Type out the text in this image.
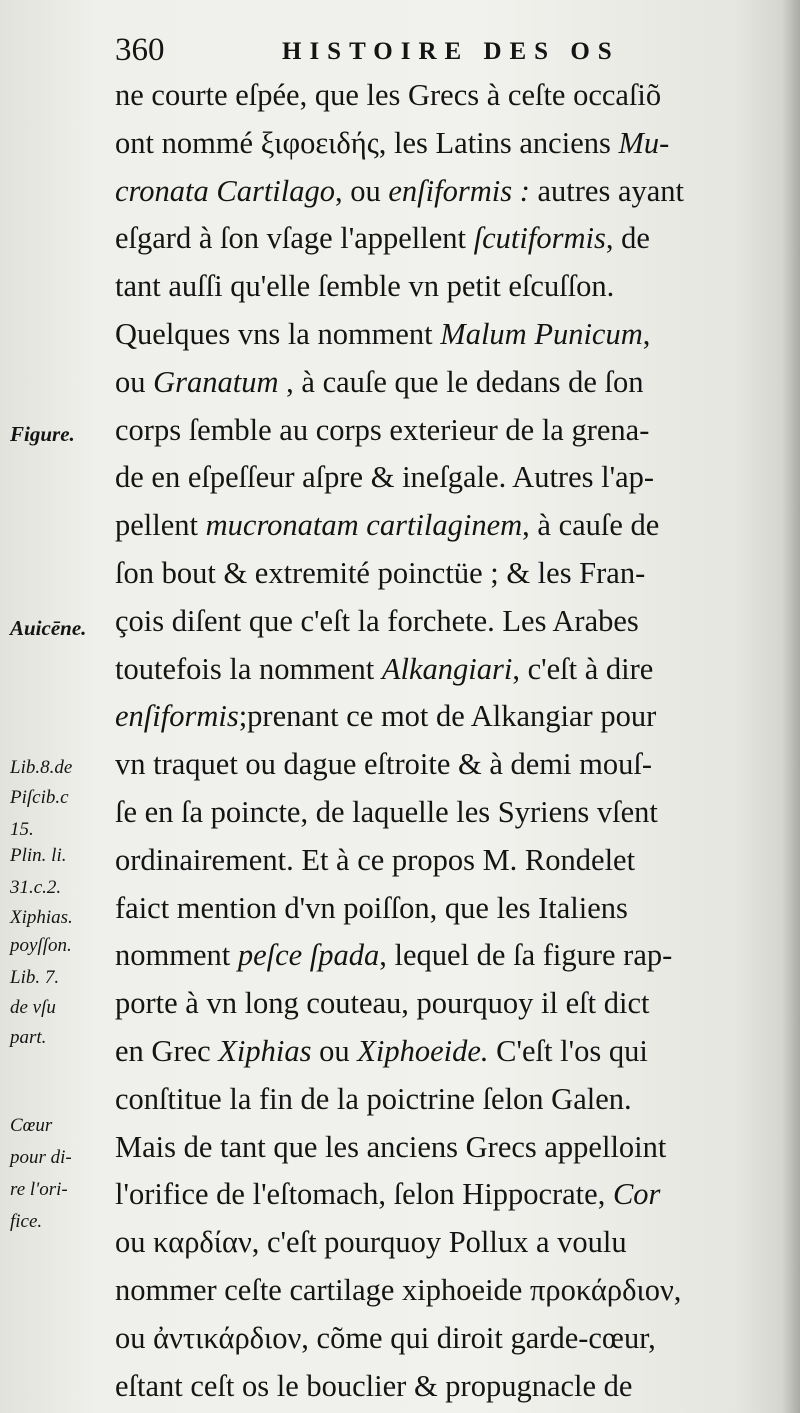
360	HISTOIRE DES OS
ne courte eſpée, que les Grecs à ceſte occaſiõ
ont nommé ξιφοειδής, les Latins anciens Mu-
cronata Cartilago, ou enſiformis : autres ayant
eſgard à ſon vſage l'appellent ſcutiformis, de
tant auſſi qu'elle ſemble vn petit eſcuſſon.
Quelques vns la nomment Malum Punicum,
ou Granatum , à cauſe que le dedans de ſon
corps ſemble au corps exterieur de la grena-
de en eſpeſſeur aſpre & ineſgale. Autres l'ap-
pellent mucronatam cartilaginem, à cauſe de
ſon bout & extremité poinctüe ; & les Fran-
çois diſent que c'eſt la forchete. Les Arabes
toutefois la nomment Alkangiari, c'eſt à dire
enſiformis;prenant ce mot de Alkangiar pour
vn traquet ou dague eſtroite & à demi mouſ-
ſe en ſa poincte, de laquelle les Syriens vſent
ordinairement. Et à ce propos M. Rondelet
faict mention d'vn poiſſon, que les Italiens
nomment peſce ſpada, lequel de ſa figure rap-
porte à vn long couteau, pourquoy il eſt dict
en Grec Xiphias ou Xiphoeide. C'eſt l'os qui
conſtitue la fin de la poictrine ſelon Galen.
Mais de tant que les anciens Grecs appelloint
l'orifice de l'eſtomach, ſelon Hippocrate, Cor
ou καρδίαν, c'eſt pourquoy Pollux a voulu
nommer ceſte cartilage xiphoeide προκάρδιον,
ou ἀντικάρδιον, cõme qui diroit garde-cœur,
eſtant ceſt os le bouclier & propugnacle de
Figure.
Auicēne.
Lib.8.de
Piſcib.c
15.
Plin. li.
31.c.2.
Xiphias.
poyſſon.
Lib. 7.
de vſu
part.
Cœur
pour di-
re l'ori-
fice.
